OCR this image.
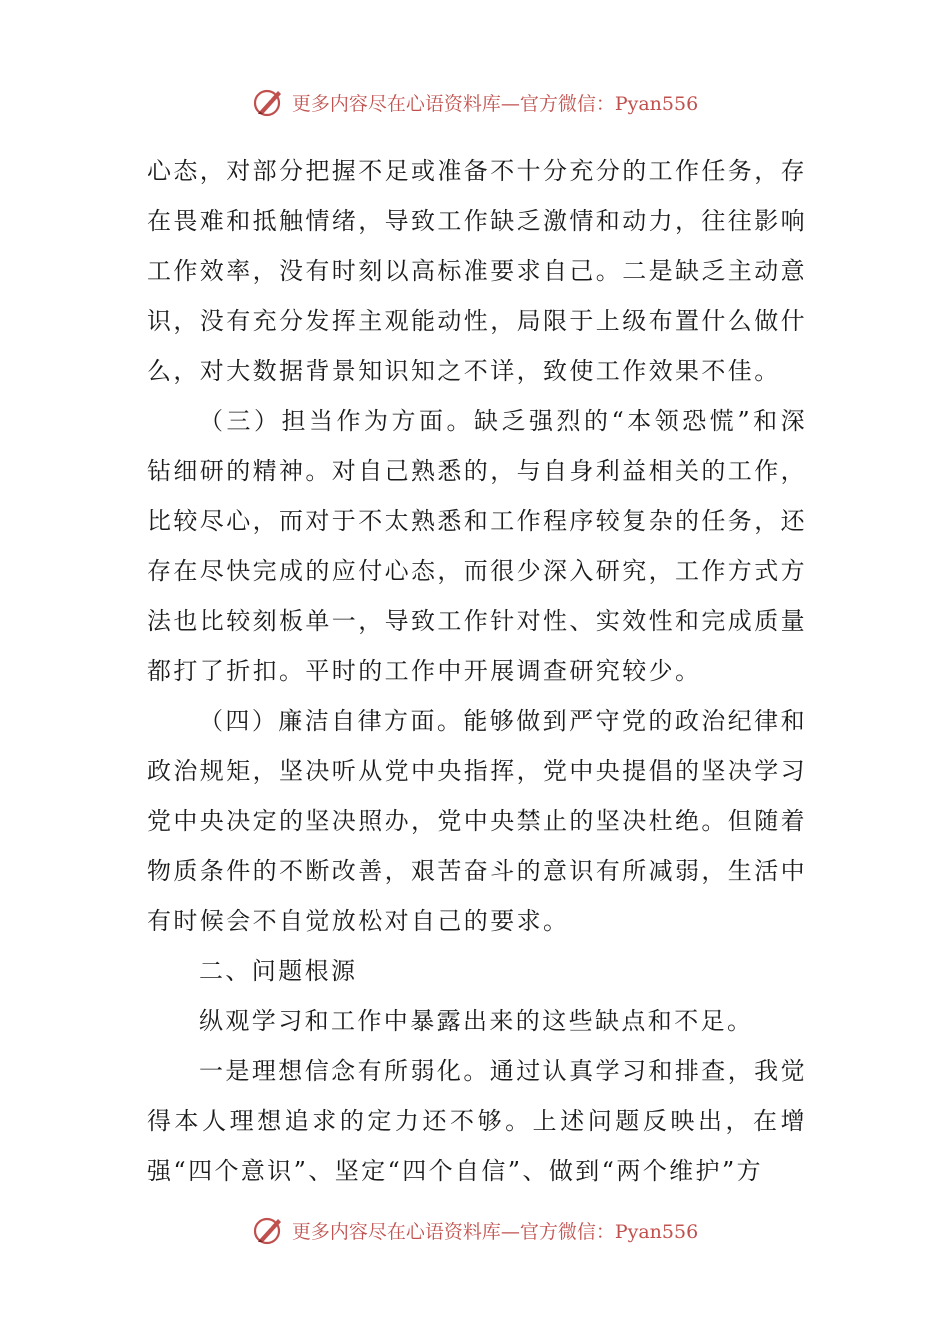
更多内容尽在心语资料库—官方微信：Pyan556

心态，对部分把握不足或准备不十分充分的工作任务，存在畏难和抵触情绪，导致工作缺乏激情和动力，往往影响工作效率，没有时刻以高标准要求自己。二是缺乏主动意识，没有充分发挥主观能动性，局限于上级布置什么做什么，对大数据背景知识知之不详，致使工作效果不佳。

（三）担当作为方面。缺乏强烈的“本领恐慌”和深钻细研的精神。对自己熟悉的，与自身利益相关的工作，比较尽心，而对于不太熟悉和工作程序较复杂的任务，还存在尽快完成的应付心态，而很少深入研究，工作方式方法也比较刻板单一，导致工作针对性、实效性和完成质量都打了折扣。平时的工作中开展调查研究较少。

（四）廉洁自律方面。能够做到严守党的政治纪律和政治规矩，坚决听从党中央指挥，党中央提倡的坚决学习党中央决定的坚决照办，党中央禁止的坚决杜绝。但随着物质条件的不断改善，艰苦奋斗的意识有所减弱，生活中有时候会不自觉放松对自己的要求。

二、问题根源

纵观学习和工作中暴露出来的这些缺点和不足。

一是理想信念有所弱化。通过认真学习和排查，我觉得本人理想追求的定力还不够。上述问题反映出，在增强“四个意识”、坚定“四个自信”、做到“两个维护”方

更多内容尽在心语资料库—官方微信：Pyan556
